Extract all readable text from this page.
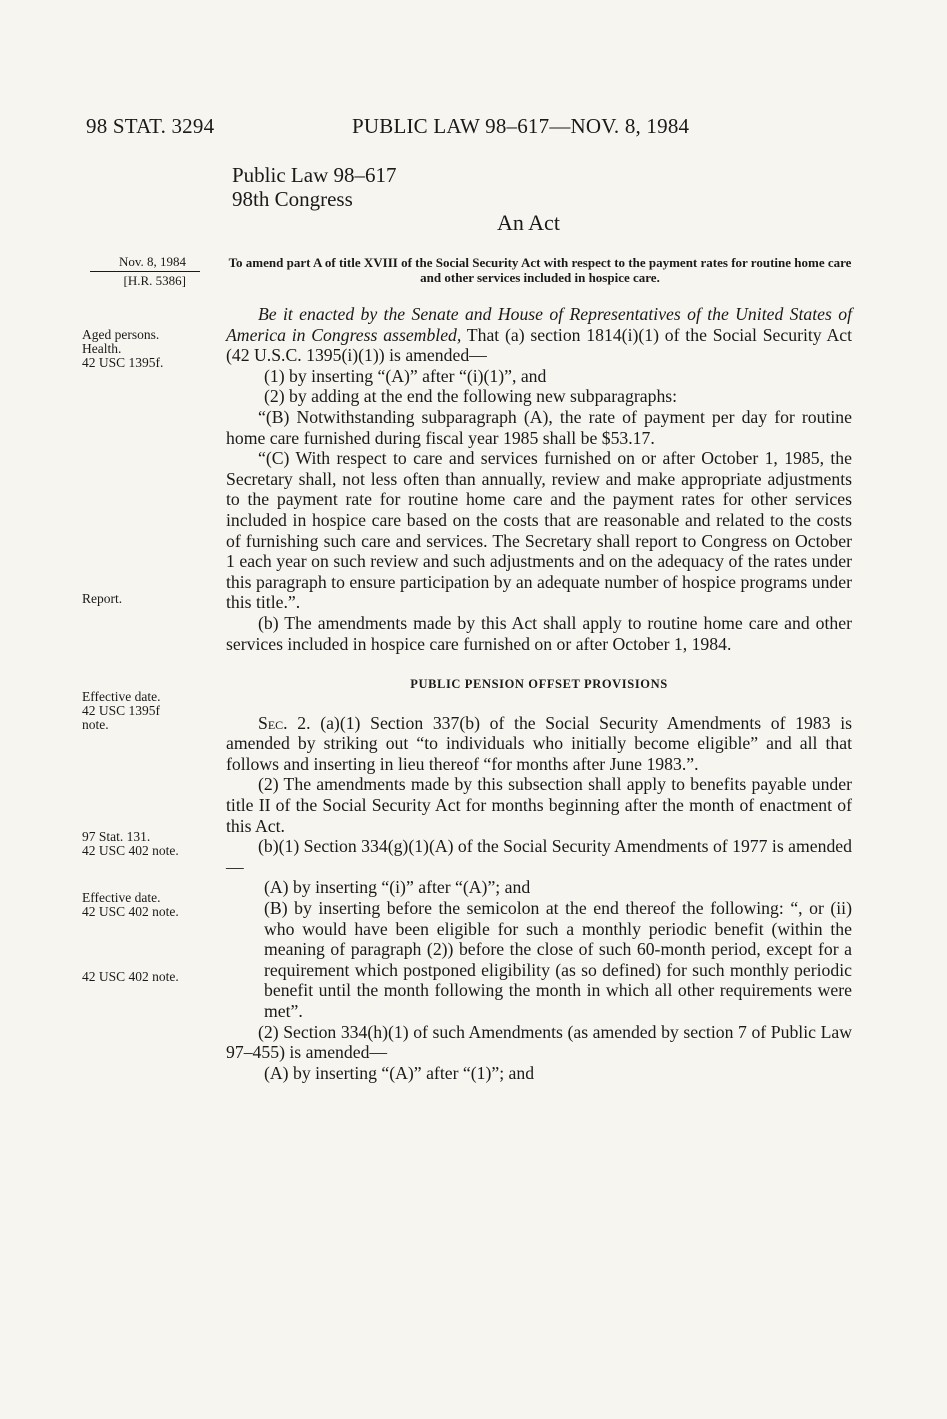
98 STAT. 3294	PUBLIC LAW 98–617—NOV. 8, 1984
Public Law 98–617
98th Congress
An Act
Nov. 8, 1984
[H.R. 5386]
To amend part A of title XVIII of the Social Security Act with respect to the payment rates for routine home care and other services included in hospice care.
Aged persons.
Health.
42 USC 1395f.
Report.
Effective date.
42 USC 1395f
note.
97 Stat. 131.
42 USC 402 note.
Effective date.
42 USC 402 note.
42 USC 402 note.

Be it enacted by the Senate and House of Representatives of the United States of America in Congress assembled, That (a) section 1814(i)(1) of the Social Security Act (42 U.S.C. 1395(i)(1)) is amended—

(1) by inserting “(A)” after “(i)(1)”, and

(2) by adding at the end the following new subparagraphs:

“(B) Notwithstanding subparagraph (A), the rate of payment per day for routine home care furnished during fiscal year 1985 shall be $53.17.

“(C) With respect to care and services furnished on or after October 1, 1985, the Secretary shall, not less often than annually, review and make appropriate adjustments to the payment rate for routine home care and the payment rates for other services included in hospice care based on the costs that are reasonable and related to the costs of furnishing such care and services. The Secretary shall report to Congress on October 1 each year on such review and such adjustments and on the adequacy of the rates under this paragraph to ensure participation by an adequate number of hospice programs under this title.”.

(b) The amendments made by this Act shall apply to routine home care and other services included in hospice care furnished on or after October 1, 1984.

PUBLIC PENSION OFFSET PROVISIONS

Sec. 2. (a)(1) Section 337(b) of the Social Security Amendments of 1983 is amended by striking out “to individuals who initially become eligible” and all that follows and inserting in lieu thereof “for months after June 1983.”.

(2) The amendments made by this subsection shall apply to benefits payable under title II of the Social Security Act for months beginning after the month of enactment of this Act.

(b)(1) Section 334(g)(1)(A) of the Social Security Amendments of 1977 is amended—

(A) by inserting “(i)” after “(A)”; and

(B) by inserting before the semicolon at the end thereof the following: “, or (ii) who would have been eligible for such a monthly periodic benefit (within the meaning of paragraph (2)) before the close of such 60-month period, except for a requirement which postponed eligibility (as so defined) for such monthly periodic benefit until the month following the month in which all other requirements were met”.

(2) Section 334(h)(1) of such Amendments (as amended by section 7 of Public Law 97–455) is amended—

(A) by inserting “(A)” after “(1)”; and
